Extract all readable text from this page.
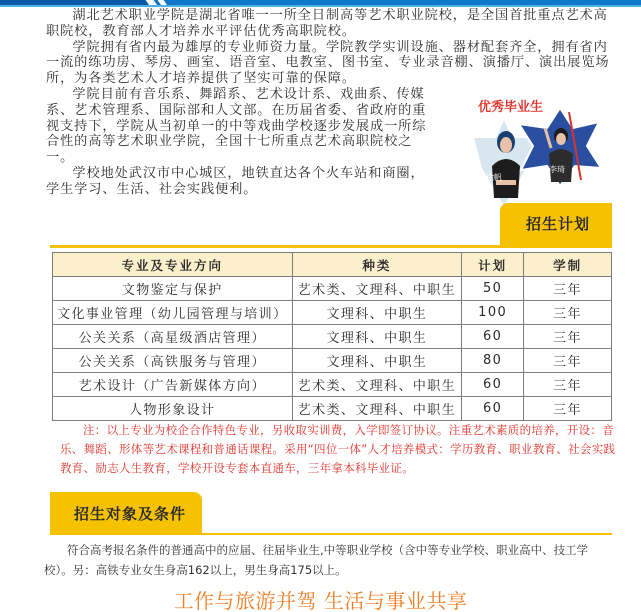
湖北艺术职业学院是湖北省唯一一所全日制高等艺术职业院校，是全国首批重点艺术高职院校，教育部人才培养水平评估优秀高职院校。

学院拥有省内最为雄厚的专业师资力量。学院教学实训设施、器材配套齐全，拥有省内一流的练功房、琴房、画室、语音室、电教室、图书室、专业录音棚、演播厅、演出展览场所，为各类艺术人才培养提供了坚实可靠的保障。

学院目前有音乐系、舞蹈系、艺术设计系、戏曲系、传媒系、艺术管理系、国际部和人文部。在历届省委、省政府的重视支持下，学院从当初单一的中等戏曲学校逐步发展成一所综合性的高等艺术职业学院，全国十七所重点艺术高职院校之一。

学校地处武汉市中心城区，地铁直达各个火车站和商圈，学生学习、生活、社会实践便利。

优秀毕业生
徐帆
李琦
招生计划
专业及专业方向	种类	计划	学制
文物鉴定与保护	艺术类、文理科、中职生	50	三年
文化事业管理（幼儿园管理与培训）	文理科、中职生	100	三年
公关关系（高星级酒店管理）	文理科、中职生	60	三年
公关关系（高铁服务与管理）	文理科、中职生	80	三年
艺术设计（广告新媒体方向）	艺术类、文理科、中职生	60	三年
人物形象设计	艺术类、文理科、中职生	60	三年

注：以上专业为校企合作特色专业，另收取实训费，入学即签订协议。注重艺术素质的培养，开设：音乐、舞蹈、形体等艺术课程和普通话课程。采用“四位一体”人才培养模式：学历教育、职业教育、社会实践教育、励志人生教育，学校开设专套本直通车，三年拿本科毕业证。

招生对象及条件

符合高考报名条件的普通高中的应届、往届毕业生,中等职业学校（含中等专业学校、职业高中、技工学校）。另：高铁专业女生身高162以上，男生身高175以上。

工作与旅游并驾 生活与事业共享
